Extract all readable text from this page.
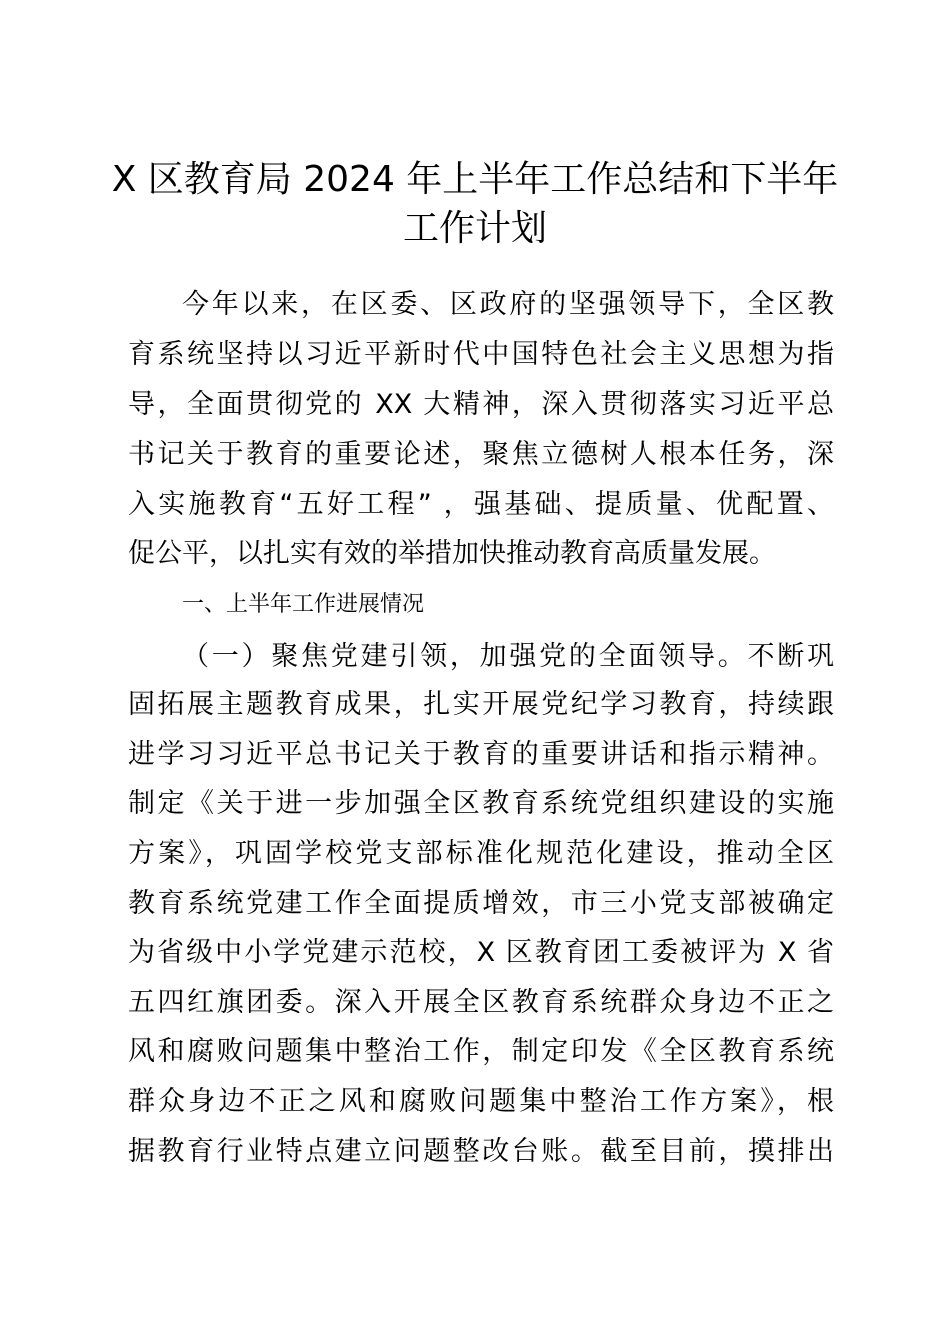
X 区教育局 2024 年上半年工作总结和下半年
工作计划
今年以来，在区委、区政府的坚强领导下，全区教
育系统坚持以习近平新时代中国特色社会主义思想为指
导，全面贯彻党的 XX 大精神，深入贯彻落实习近平总
书记关于教育的重要论述，聚焦立德树人根本任务，深
入实施教育“五好工程” ，强基础、提质量、优配置、
促公平，以扎实有效的举措加快推动教育高质量发展。
一、上半年工作进展情况
（一）聚焦党建引领，加强党的全面领导。不断巩
固拓展主题教育成果，扎实开展党纪学习教育，持续跟
进学习习近平总书记关于教育的重要讲话和指示精神。
制定《关于进一步加强全区教育系统党组织建设的实施
方案》，巩固学校党支部标准化规范化建设，推动全区
教育系统党建工作全面提质增效，市三小党支部被确定
为省级中小学党建示范校，X 区教育团工委被评为 X 省
五四红旗团委。深入开展全区教育系统群众身边不正之
风和腐败问题集中整治工作，制定印发《全区教育系统
群众身边不正之风和腐败问题集中整治工作方案》，根
据教育行业特点建立问题整改台账。截至目前，摸排出
